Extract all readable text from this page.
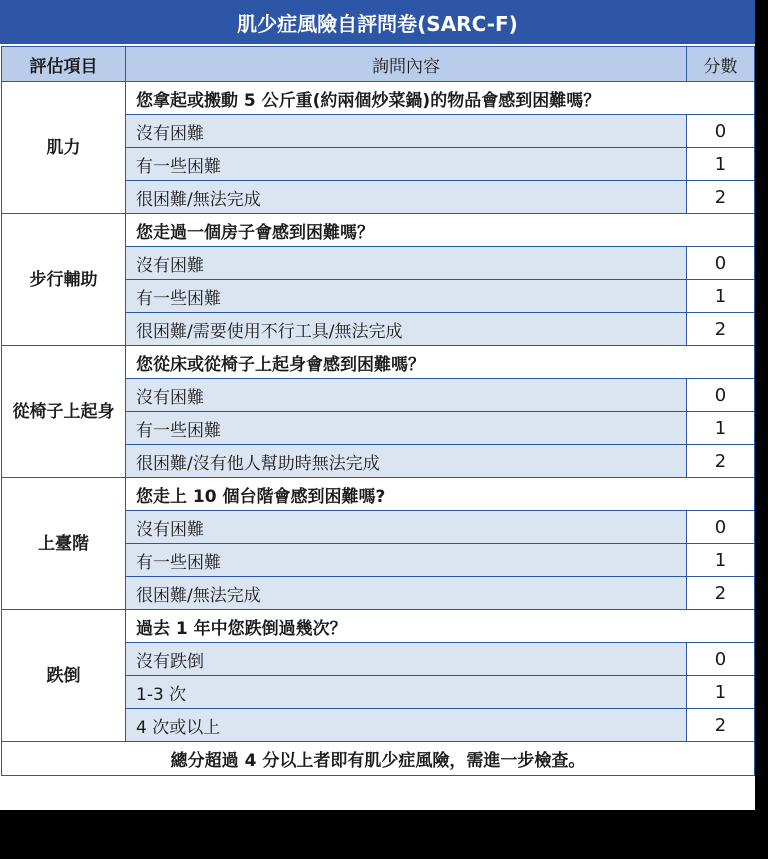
肌少症風險自評問卷(SARC-F)
評估項目	詢問內容	分數

肌力	您拿起或搬動 5 公斤重(約兩個炒菜鍋)的物品會感到困難嗎？	
	沒有困難	0
	有一些困難	1
	很困難/無法完成	2

步行輔助	您走過一個房子會感到困難嗎？	
	沒有困難	0
	有一些困難	1
	很困難/需要使用不行工具/無法完成	2

從椅子上起身	您從床或從椅子上起身會感到困難嗎？	
	沒有困難	0
	有一些困難	1
	很困難/沒有他人幫助時無法完成	2

上臺階	您走上 10 個台階會感到困難嗎?	
	沒有困難	0
	有一些困難	1
	很困難/無法完成	2

跌倒	過去 1 年中您跌倒過幾次？	
	沒有跌倒	0
	1-3 次	1
	4 次或以上	2
總分超過 4 分以上者即有肌少症風險，需進一步檢查。		
